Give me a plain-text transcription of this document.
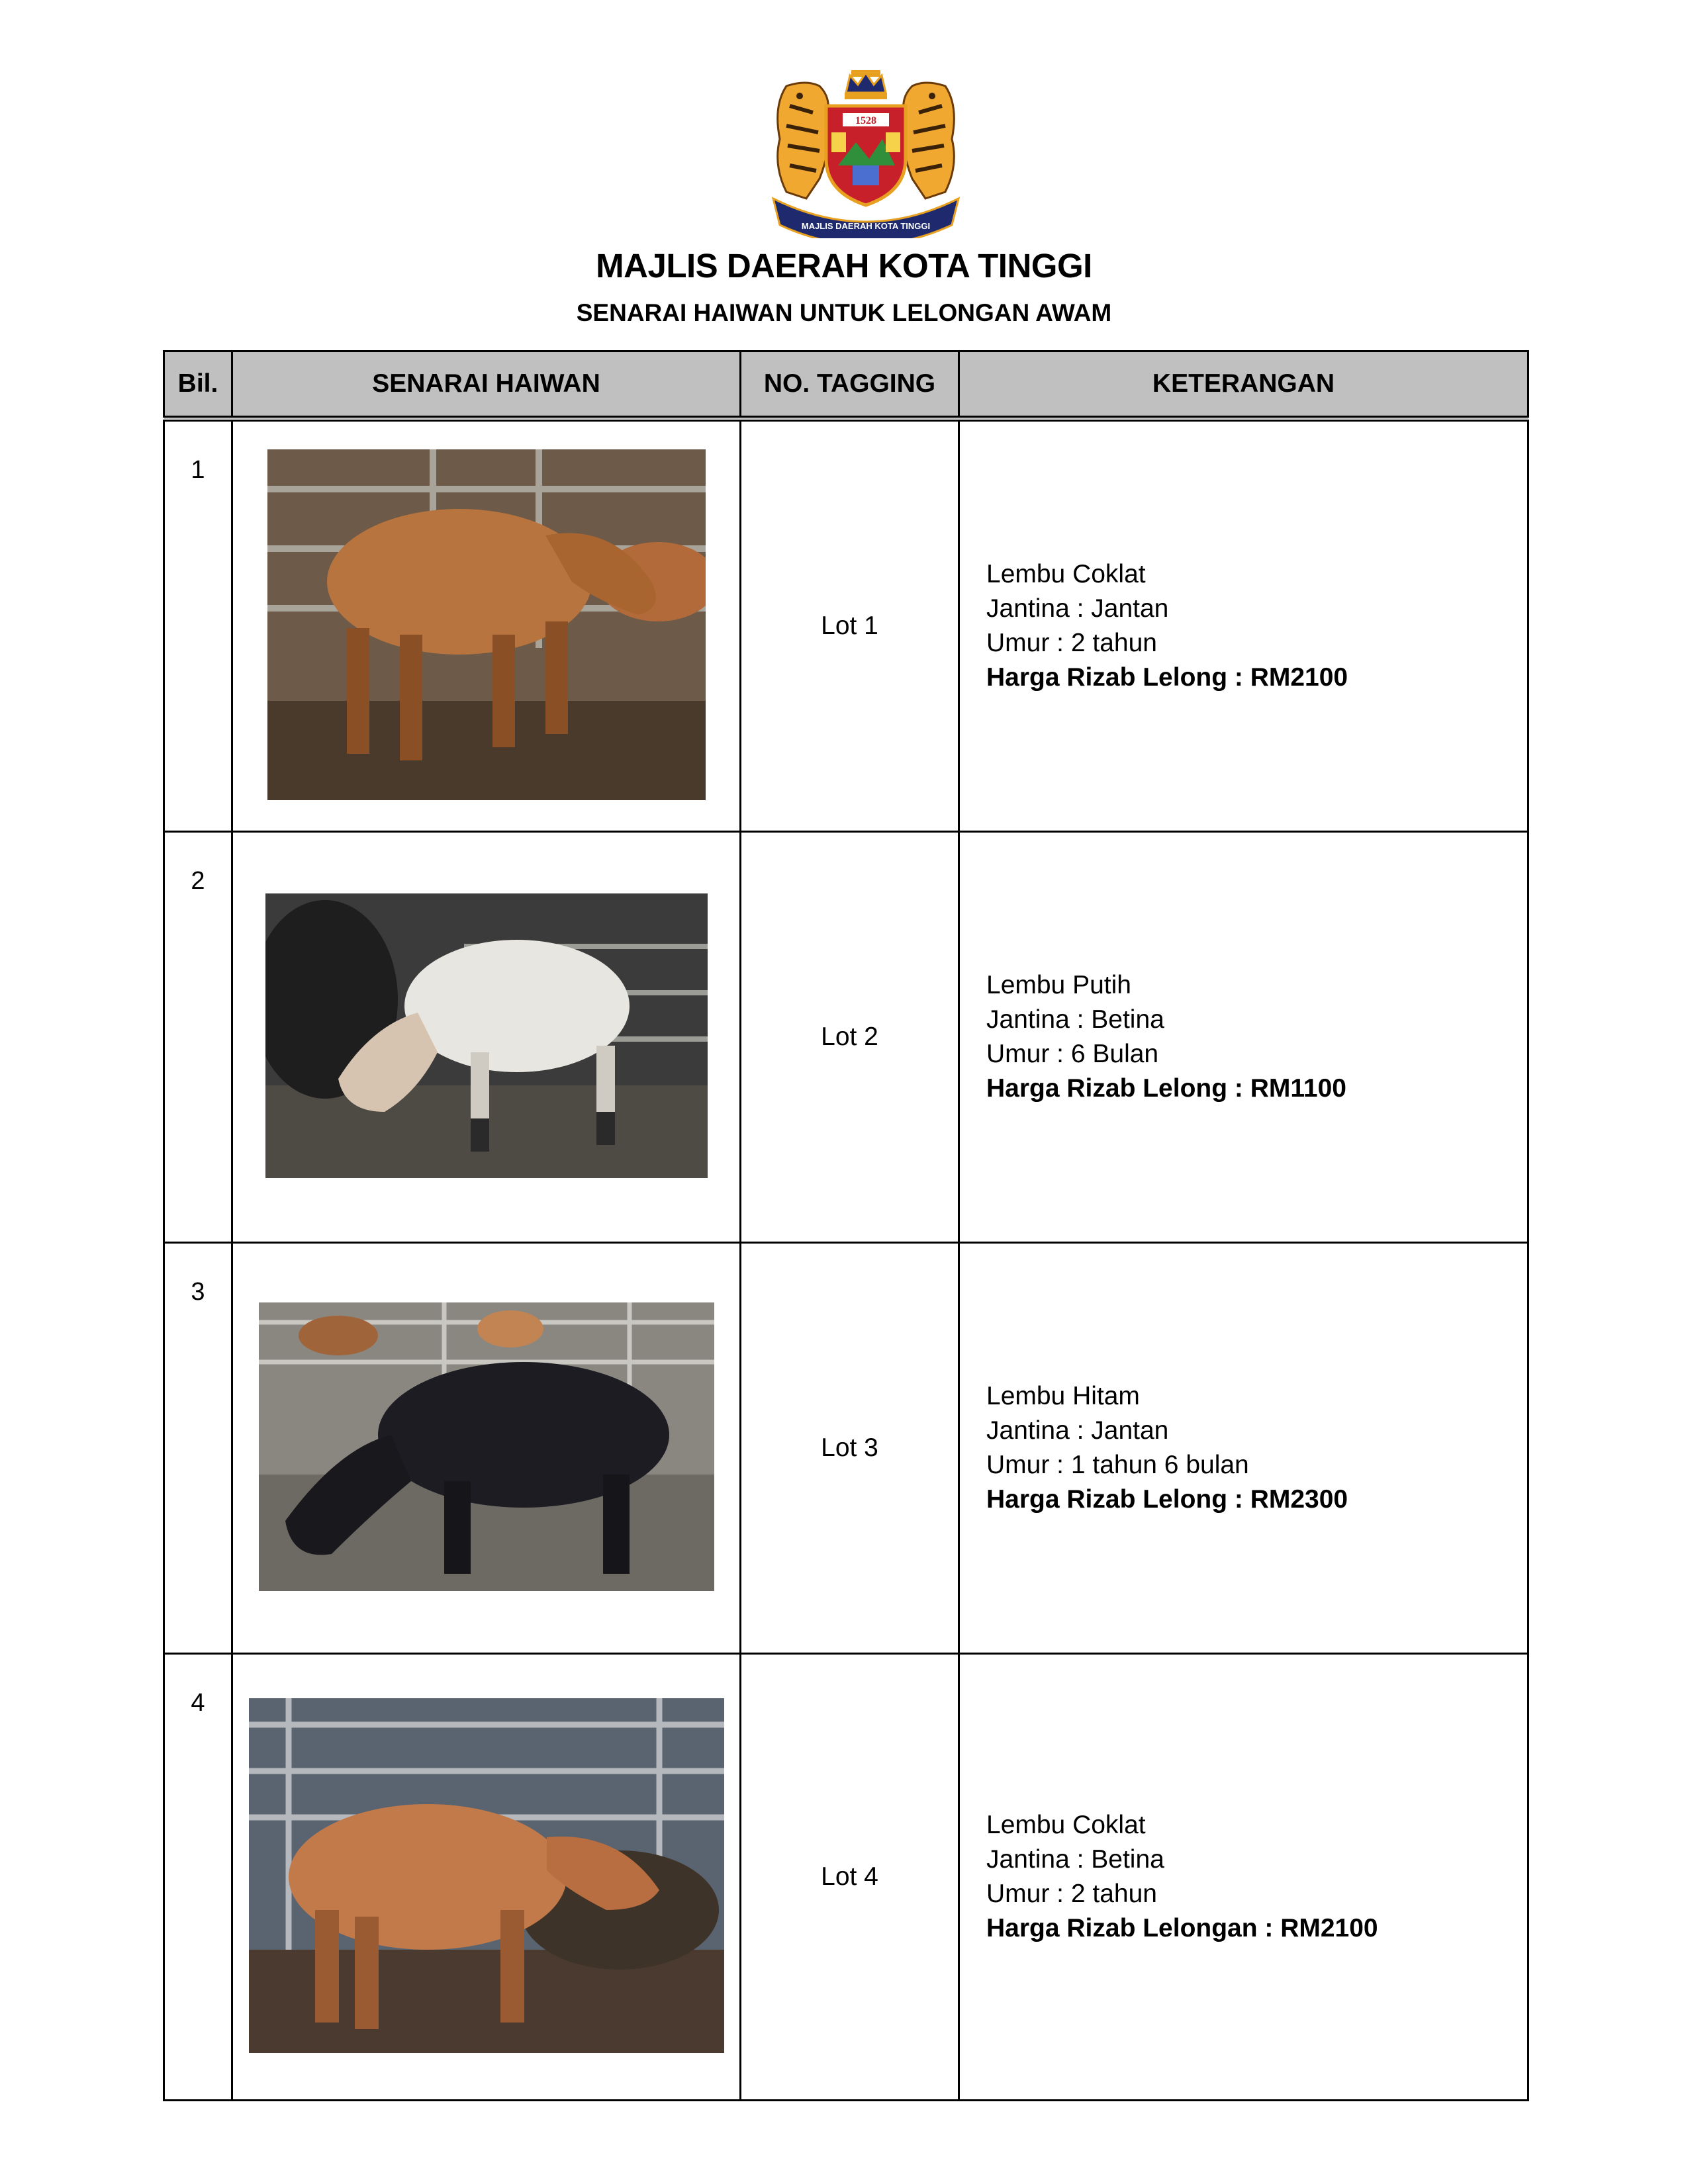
1528
MAJLIS DAERAH KOTA TINGGI
MAJLIS DAERAH KOTA TINGGI
SENARAI HAIWAN UNTUK LELONGAN AWAM
Bil.	SENARAI HAIWAN	NO. TAGGING	KETERANGAN
1		Lot 1	Lembu Coklat
Jantina : Jantan
Umur : 2 tahun
Harga Rizab Lelong : RM2100

2		Lot 2	Lembu Putih
Jantina : Betina
Umur : 6 Bulan
Harga Rizab Lelong : RM1100

3		Lot 3	Lembu Hitam
Jantina : Jantan
Umur : 1 tahun 6 bulan
Harga Rizab Lelong : RM2300

4		Lot 4	Lembu Coklat
Jantina : Betina
Umur : 2 tahun
Harga Rizab Lelongan : RM2100
